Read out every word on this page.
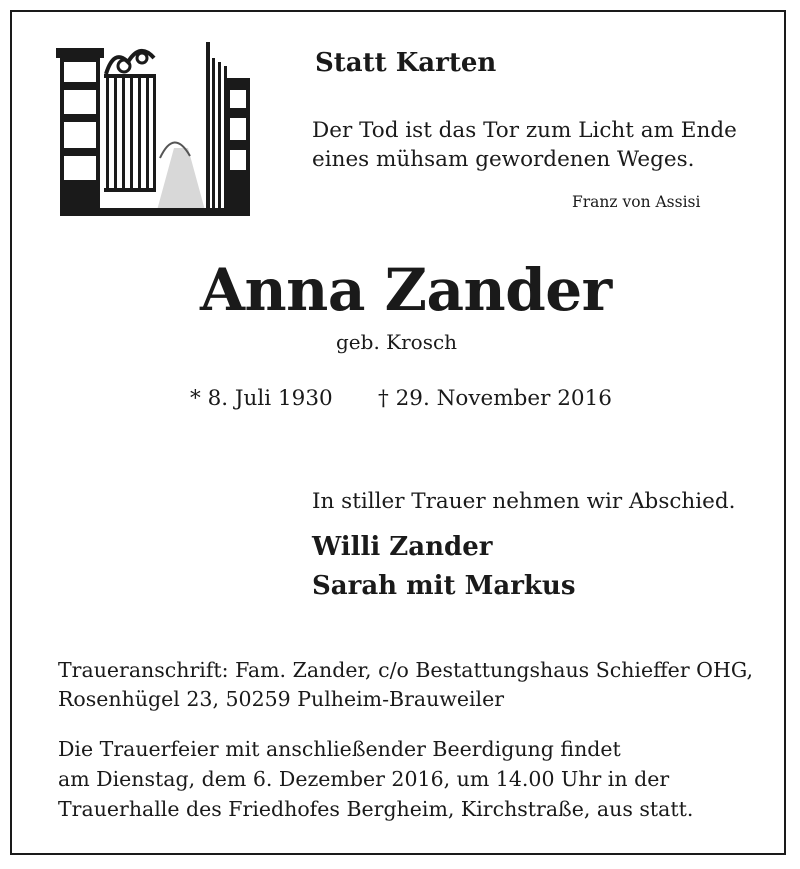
Statt Karten
Der Tod ist das Tor zum Licht am Ende
eines mühsam gewordenen Weges.
Franz von Assisi
Anna Zander
geb. Krosch
* 8. Juli 1930 † 29. November 2016
In stiller Trauer nehmen wir Abschied.
Willi Zander
Sarah mit Markus
Traueranschrift: Fam. Zander, c/o Bestattungshaus Schieffer OHG,
Rosenhügel 23, 50259 Pulheim-Brauweiler
Die Trauerfeier mit anschließender Beerdigung findet
am Dienstag, dem 6. Dezember 2016, um 14.00 Uhr in der
Trauerhalle des Friedhofes Bergheim, Kirchstraße, aus statt.
